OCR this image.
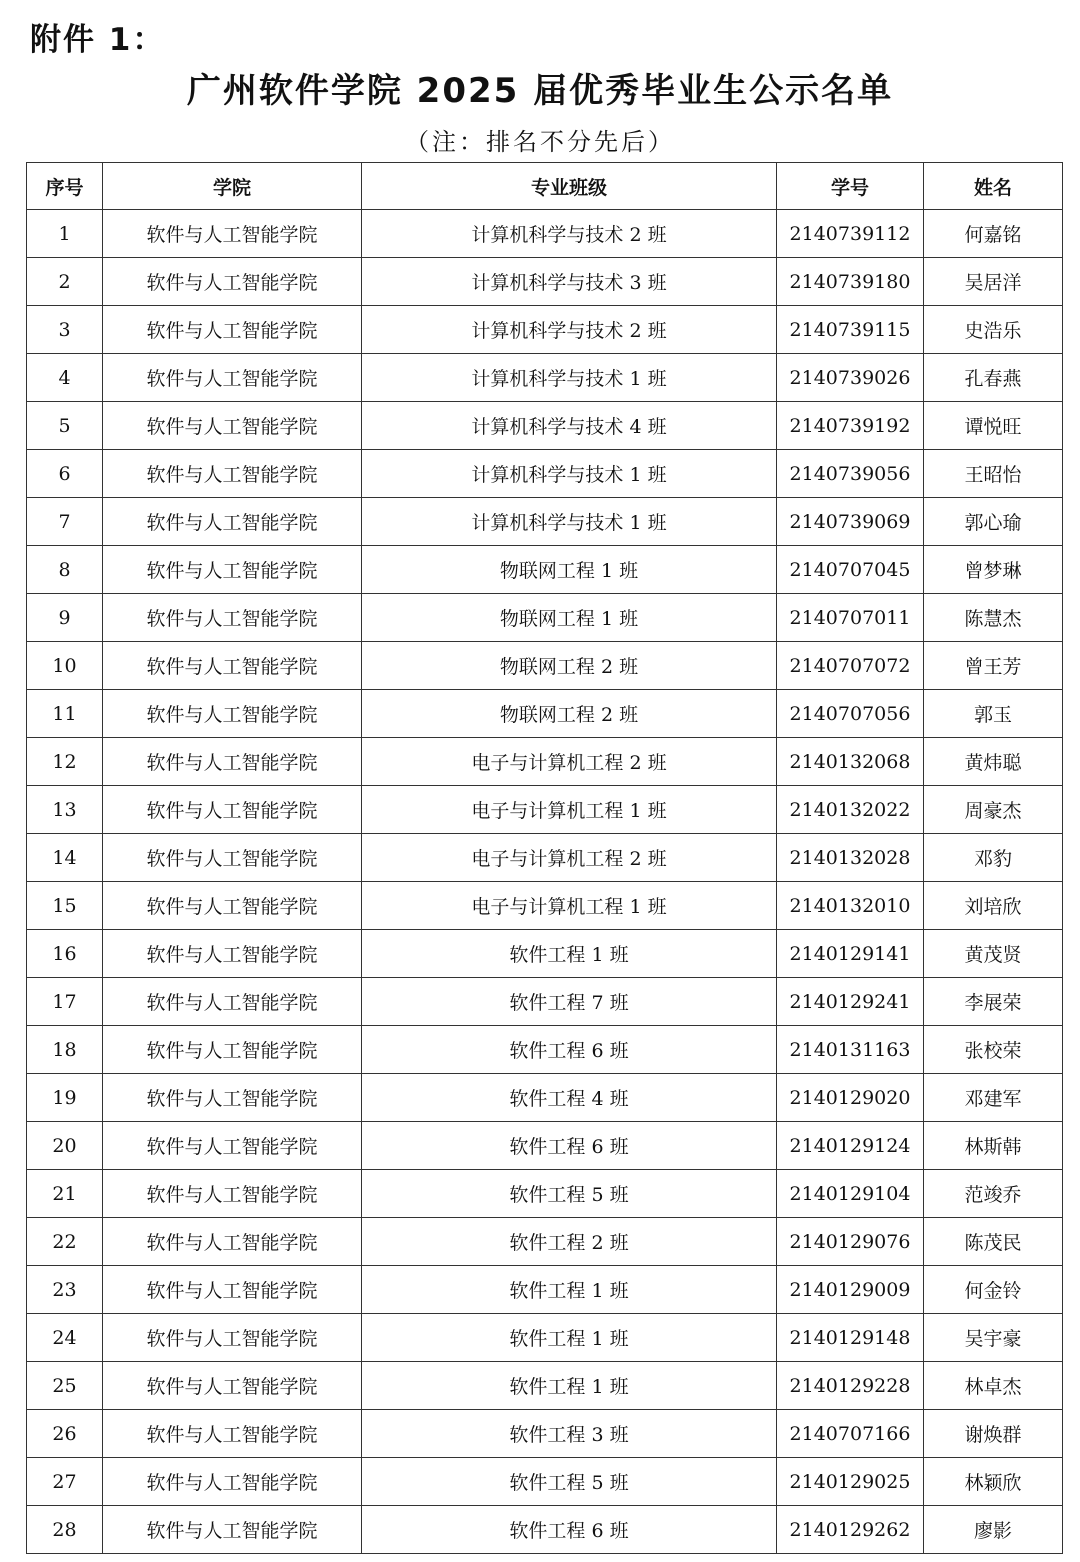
附件 1：

广州软件学院 2025 届优秀毕业生公示名单

（注：排名不分先后）

序号	学院	专业班级	学号	姓名
1	软件与人工智能学院	计算机科学与技术 2 班	2140739112	何嘉铭
2	软件与人工智能学院	计算机科学与技术 3 班	2140739180	吴居洋
3	软件与人工智能学院	计算机科学与技术 2 班	2140739115	史浩乐
4	软件与人工智能学院	计算机科学与技术 1 班	2140739026	孔春燕
5	软件与人工智能学院	计算机科学与技术 4 班	2140739192	谭悦旺
6	软件与人工智能学院	计算机科学与技术 1 班	2140739056	王昭怡
7	软件与人工智能学院	计算机科学与技术 1 班	2140739069	郭心瑜
8	软件与人工智能学院	物联网工程 1 班	2140707045	曾梦琳
9	软件与人工智能学院	物联网工程 1 班	2140707011	陈慧杰
10	软件与人工智能学院	物联网工程 2 班	2140707072	曾王芳
11	软件与人工智能学院	物联网工程 2 班	2140707056	郭玉
12	软件与人工智能学院	电子与计算机工程 2 班	2140132068	黄炜聪
13	软件与人工智能学院	电子与计算机工程 1 班	2140132022	周豪杰
14	软件与人工智能学院	电子与计算机工程 2 班	2140132028	邓豹
15	软件与人工智能学院	电子与计算机工程 1 班	2140132010	刘培欣
16	软件与人工智能学院	软件工程 1 班	2140129141	黄茂贤
17	软件与人工智能学院	软件工程 7 班	2140129241	李展荣
18	软件与人工智能学院	软件工程 6 班	2140131163	张校荣
19	软件与人工智能学院	软件工程 4 班	2140129020	邓建军
20	软件与人工智能学院	软件工程 6 班	2140129124	林斯韩
21	软件与人工智能学院	软件工程 5 班	2140129104	范竣乔
22	软件与人工智能学院	软件工程 2 班	2140129076	陈茂民
23	软件与人工智能学院	软件工程 1 班	2140129009	何金铃
24	软件与人工智能学院	软件工程 1 班	2140129148	吴宇豪
25	软件与人工智能学院	软件工程 1 班	2140129228	林卓杰
26	软件与人工智能学院	软件工程 3 班	2140707166	谢焕群
27	软件与人工智能学院	软件工程 5 班	2140129025	林颖欣
28	软件与人工智能学院	软件工程 6 班	2140129262	廖影
